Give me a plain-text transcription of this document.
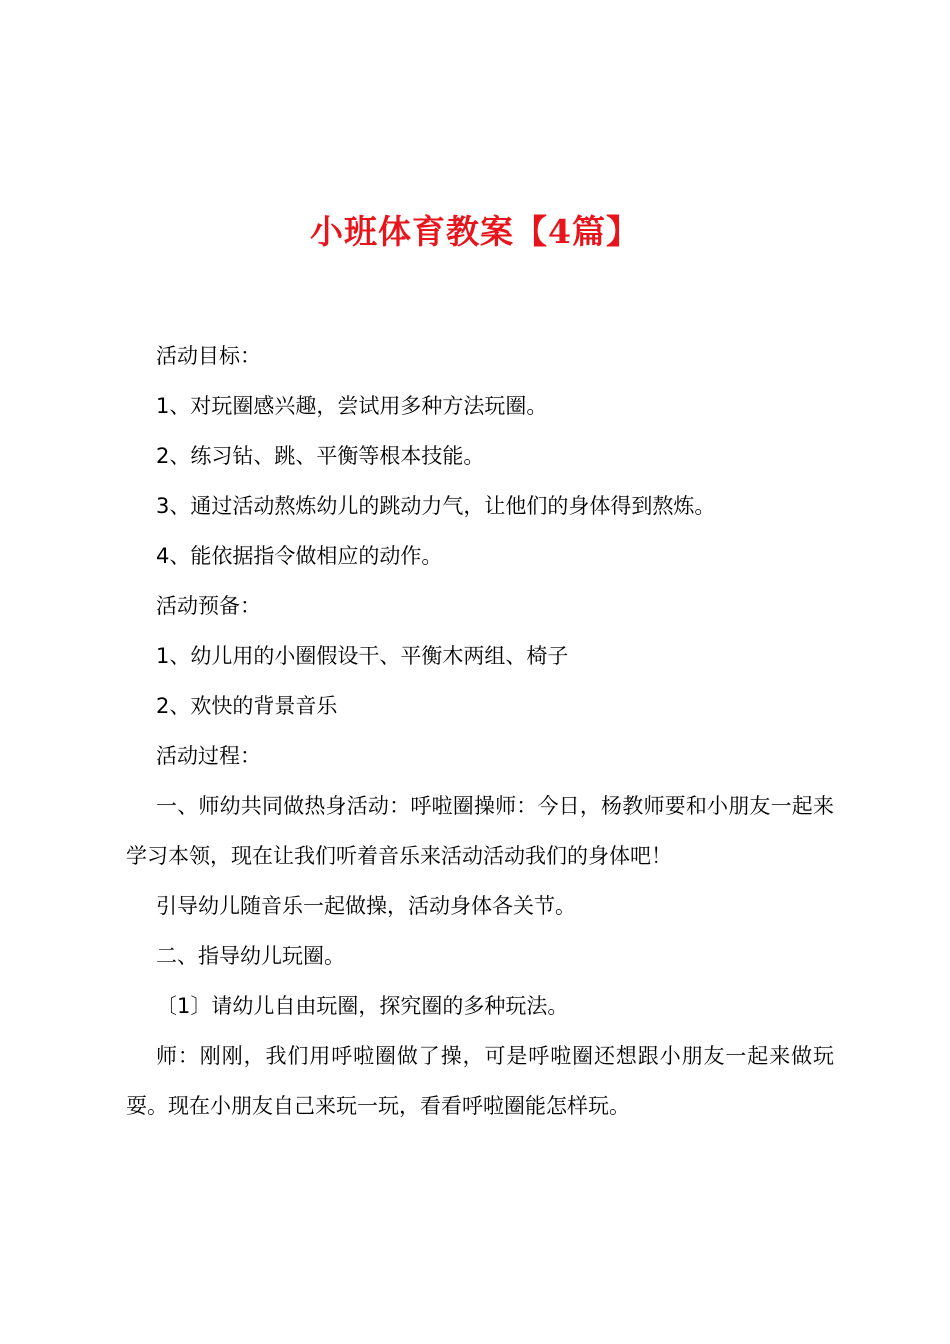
小班体育教案【4篇】

活动目标：

1、对玩圈感兴趣，尝试用多种方法玩圈。

2、练习钻、跳、平衡等根本技能。

3、通过活动熬炼幼儿的跳动力气，让他们的身体得到熬炼。

4、能依据指令做相应的动作。

活动预备：

1、幼儿用的小圈假设干、平衡木两组、椅子

2、欢快的背景音乐

活动过程：

一、师幼共同做热身活动：呼啦圈操师：今日，杨教师要和小朋友一起来学习本领，现在让我们听着音乐来活动活动我们的身体吧！

引导幼儿随音乐一起做操，活动身体各关节。

二、指导幼儿玩圈。

〔1〕请幼儿自由玩圈，探究圈的多种玩法。

师：刚刚，我们用呼啦圈做了操，可是呼啦圈还想跟小朋友一起来做玩耍。现在小朋友自己来玩一玩，看看呼啦圈能怎样玩。
